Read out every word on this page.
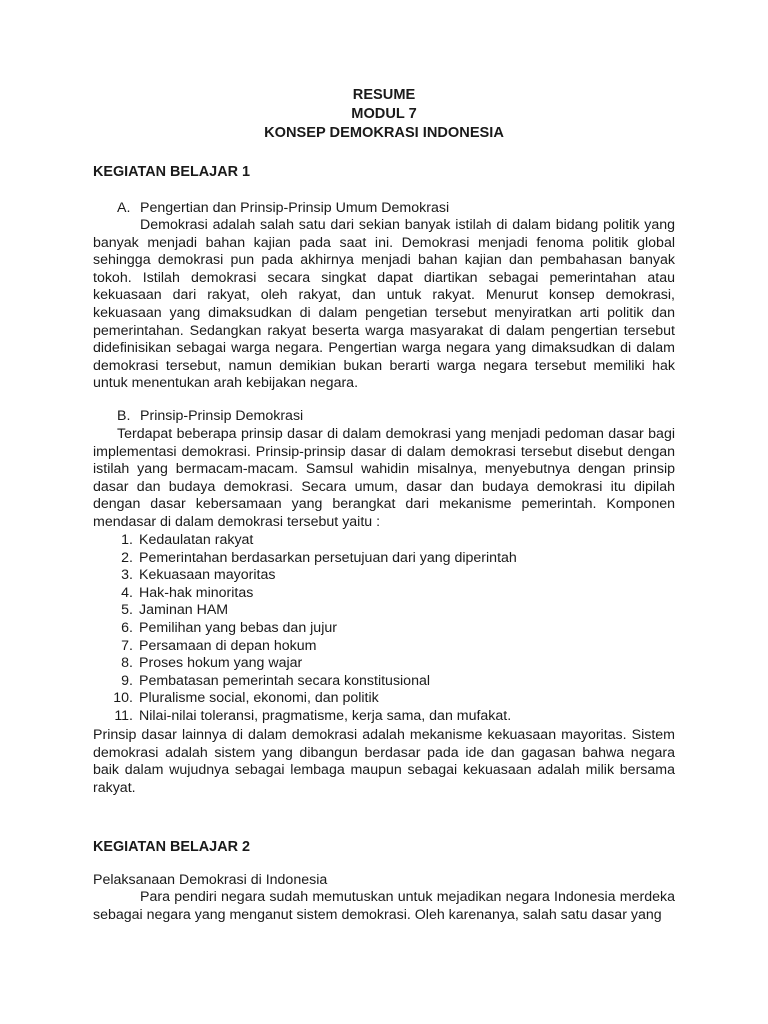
RESUME
MODUL 7
KONSEP DEMOKRASI INDONESIA
KEGIATAN BELAJAR 1
A. Pengertian dan Prinsip-Prinsip Umum Demokrasi
Demokrasi adalah salah satu dari sekian banyak istilah di dalam bidang politik yang banyak menjadi bahan kajian pada saat ini. Demokrasi menjadi fenoma politik global sehingga demokrasi pun pada akhirnya menjadi bahan kajian dan pembahasan banyak tokoh. Istilah demokrasi secara singkat dapat diartikan sebagai pemerintahan atau kekuasaan dari rakyat, oleh rakyat, dan untuk rakyat. Menurut konsep demokrasi, kekuasaan yang dimaksudkan di dalam pengetian tersebut menyiratkan arti politik dan pemerintahan. Sedangkan rakyat beserta warga masyarakat di dalam pengertian tersebut didefinisikan sebagai warga negara. Pengertian warga negara yang dimaksudkan di dalam demokrasi tersebut, namun demikian bukan berarti warga negara tersebut memiliki hak untuk menentukan arah kebijakan negara.
B. Prinsip-Prinsip Demokrasi
Terdapat beberapa prinsip dasar di dalam demokrasi yang menjadi pedoman dasar bagi implementasi demokrasi. Prinsip-prinsip dasar di dalam demokrasi tersebut disebut dengan istilah yang bermacam-macam. Samsul wahidin misalnya, menyebutnya dengan prinsip dasar dan budaya demokrasi. Secara umum, dasar dan budaya demokrasi itu dipilah dengan dasar kebersamaan yang berangkat dari mekanisme pemerintah. Komponen mendasar di dalam demokrasi tersebut yaitu :
1. Kedaulatan rakyat
2. Pemerintahan berdasarkan persetujuan dari yang diperintah
3. Kekuasaan mayoritas
4. Hak-hak minoritas
5. Jaminan HAM
6. Pemilihan yang bebas dan jujur
7. Persamaan di depan hokum
8. Proses hokum yang wajar
9. Pembatasan pemerintah secara konstitusional
10. Pluralisme social, ekonomi, dan politik
11. Nilai-nilai toleransi, pragmatisme, kerja sama, dan mufakat.
Prinsip dasar lainnya di dalam demokrasi adalah mekanisme kekuasaan mayoritas. Sistem demokrasi adalah sistem yang dibangun berdasar pada ide dan gagasan bahwa negara baik dalam wujudnya sebagai lembaga maupun sebagai kekuasaan adalah milik bersama rakyat.
KEGIATAN BELAJAR 2
Pelaksanaan Demokrasi di Indonesia
Para pendiri negara sudah memutuskan untuk mejadikan negara Indonesia merdeka sebagai negara yang menganut sistem demokrasi. Oleh karenanya, salah satu dasar yang
